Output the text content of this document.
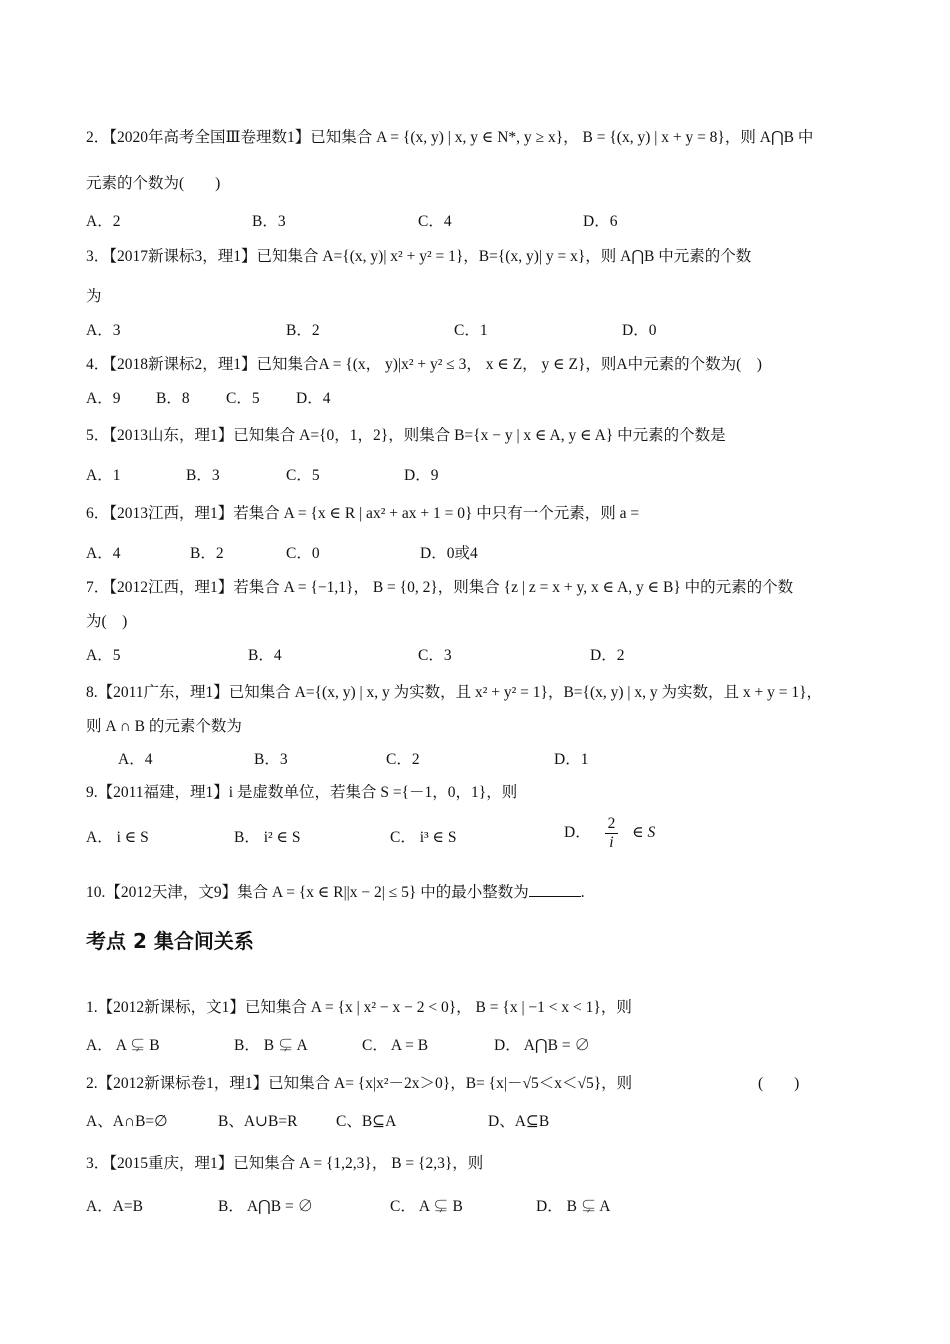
2．【2020年高考全国Ⅲ卷理数1】已知集合 A = {(x, y) | x, y ∈ N*, y ≥ x}， B = {(x, y) | x + y = 8}，则 A⋂B 中
元素的个数为(　　)
A．2	B．3	C．4	D．6
3．【2017新课标3，理1】已知集合 A={(x, y)| x² + y² = 1}，B={(x, y)| y = x}，则 A⋂B 中元素的个数
为
A．3	B．2	C．1	D．0
4．【2018新课标2，理1】已知集合A = {(x， y)|x² + y² ≤ 3， x ∈ Z， y ∈ Z}，则A中元素的个数为(　)
A．9 B．8 C．5 D．4
5．【2013山东，理1】已知集合 A={0，1，2}，则集合 B={x − y | x ∈ A, y ∈ A} 中元素的个数是
A．1	B．3	C．5	D．9
6．【2013江西，理1】若集合 A = {x ∈ R | ax² + ax + 1 = 0} 中只有一个元素，则 a =
A．4	B．2	C．0	D．0或4
7．【2012江西，理1】若集合 A = {−1,1}， B = {0, 2}，则集合 {z | z = x + y, x ∈ A, y ∈ B} 中的元素的个数
为(　)
A．5	B．4	C．3	D．2
8.【2011广东，理1】已知集合 A={(x, y) | x, y 为实数，且 x² + y² = 1}，B={(x, y) | x, y 为实数，且 x + y = 1}，
则 A ∩ B 的元素个数为
A．4	B．3	C．2	D．1
9.【2011福建，理1】i 是虚数单位，若集合 S ={－1，0，1}，则
A． i ∈ S	B． i² ∈ S	C． i³ ∈ S	D． $\frac{2}{i}$ ∈ S
10.【2012天津，文9】集合 A = {x ∈ R||x − 2| ≤ 5} 中的最小整数为	.
考点 2 集合间关系
1.【2012新课标，文1】已知集合 A = {x | x² − x − 2 < 0}， B = {x | −1 < x < 1}，则
A． A ⊊ B	B． B ⊊ A	C． A = B	D． A⋂B = ∅
2.【2012新课标卷1，理1】已知集合 A= {x|x²－2x＞0}，B= {x|－√5＜x＜√5}，则	(　　)
A、A∩B=∅	B、A∪B=R C、B⊆A	D、A⊆B
3．【2015重庆，理1】已知集合 A = {1,2,3}， B = {2,3}，则
A．A=B	B． A⋂B = ∅	C． A ⊊ B	D． B ⊊ A
